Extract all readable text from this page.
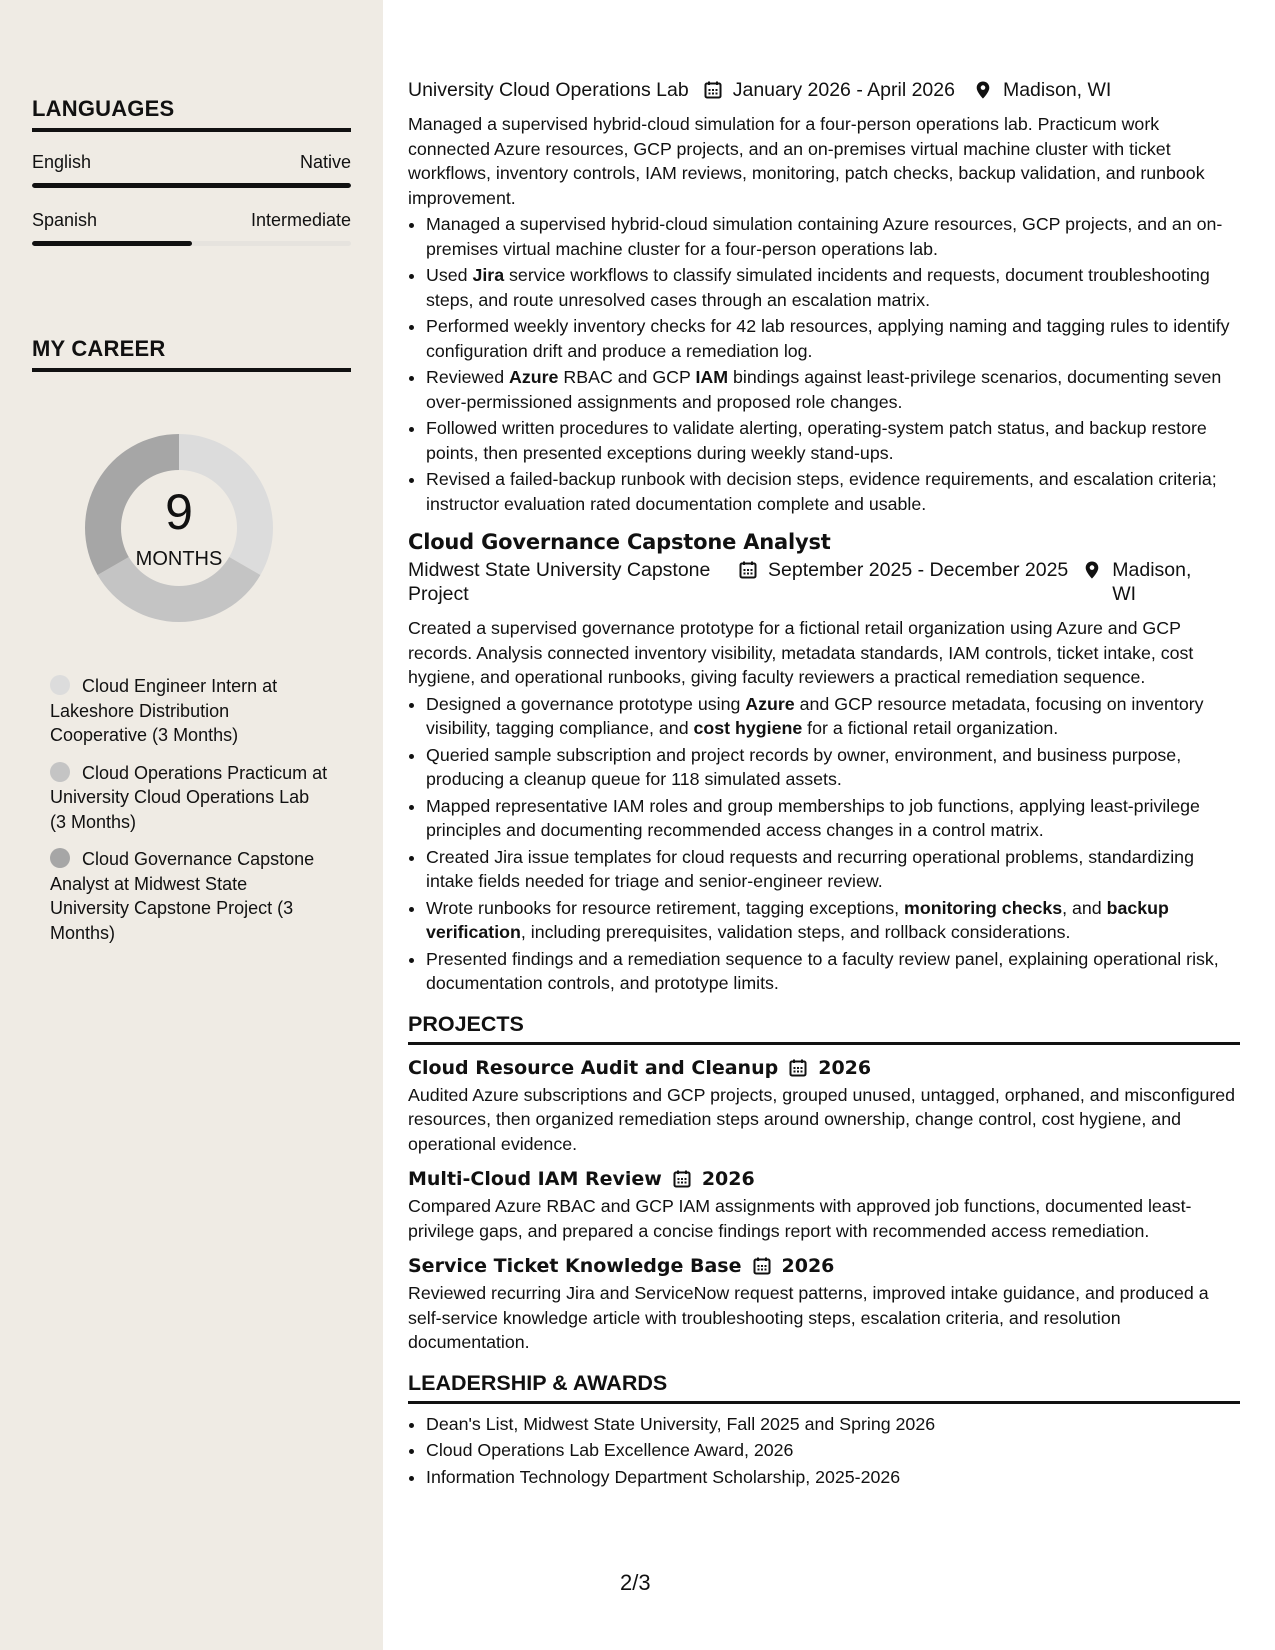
LANGUAGES
English	Native
Spanish	Intermediate
MY CAREER
9
MONTHS
Cloud Engineer Intern at Lakeshore Distribution Cooperative (3 Months)
Cloud Operations Practicum at University Cloud Operations Lab (3 Months)
Cloud Governance Capstone Analyst at Midwest State University Capstone Project (3 Months)
University Cloud Operations Lab January 2026 - April 2026 Madison, WI

Managed a supervised hybrid-cloud simulation for a four-person operations lab. Practicum work connected Azure resources, GCP projects, and an on-premises virtual machine cluster with ticket workflows, inventory controls, IAM reviews, monitoring, patch checks, backup validation, and runbook improvement.

• Managed a supervised hybrid-cloud simulation containing Azure resources, GCP projects, and an on-premises virtual machine cluster for a four-person operations lab.
• Used Jira service workflows to classify simulated incidents and requests, document troubleshooting steps, and route unresolved cases through an escalation matrix.
• Performed weekly inventory checks for 42 lab resources, applying naming and tagging rules to identify configuration drift and produce a remediation log.
• Reviewed Azure RBAC and GCP IAM bindings against least-privilege scenarios, documenting seven over-permissioned assignments and proposed role changes.
• Followed written procedures to validate alerting, operating-system patch status, and backup restore points, then presented exceptions during weekly stand-ups.
• Revised a failed-backup runbook with decision steps, evidence requirements, and escalation criteria; instructor evaluation rated documentation complete and usable.
Cloud Governance Capstone Analyst
Midwest State University Capstone Project
September 2025 - December 2025 Madison, WI

Created a supervised governance prototype for a fictional retail organization using Azure and GCP records. Analysis connected inventory visibility, metadata standards, IAM controls, ticket intake, cost hygiene, and operational runbooks, giving faculty reviewers a practical remediation sequence.

• Designed a governance prototype using Azure and GCP resource metadata, focusing on inventory visibility, tagging compliance, and cost hygiene for a fictional retail organization.
• Queried sample subscription and project records by owner, environment, and business purpose, producing a cleanup queue for 118 simulated assets.
• Mapped representative IAM roles and group memberships to job functions, applying least-privilege principles and documenting recommended access changes in a control matrix.
• Created Jira issue templates for cloud requests and recurring operational problems, standardizing intake fields needed for triage and senior-engineer review.
• Wrote runbooks for resource retirement, tagging exceptions, monitoring checks, and backup verification, including prerequisites, validation steps, and rollback considerations.
• Presented findings and a remediation sequence to a faculty review panel, explaining operational risk, documentation controls, and prototype limits.
PROJECTS
Cloud Resource Audit and Cleanup 2026

Audited Azure subscriptions and GCP projects, grouped unused, untagged, orphaned, and misconfigured resources, then organized remediation steps around ownership, change control, cost hygiene, and operational evidence.

Multi-Cloud IAM Review 2026

Compared Azure RBAC and GCP IAM assignments with approved job functions, documented least-privilege gaps, and prepared a concise findings report with recommended access remediation.

Service Ticket Knowledge Base 2026

Reviewed recurring Jira and ServiceNow request patterns, improved intake guidance, and produced a self-service knowledge article with troubleshooting steps, escalation criteria, and resolution documentation.

LEADERSHIP & AWARDS
• Dean's List, Midwest State University, Fall 2025 and Spring 2026
• Cloud Operations Lab Excellence Award, 2026
• Information Technology Department Scholarship, 2025-2026
2/3
